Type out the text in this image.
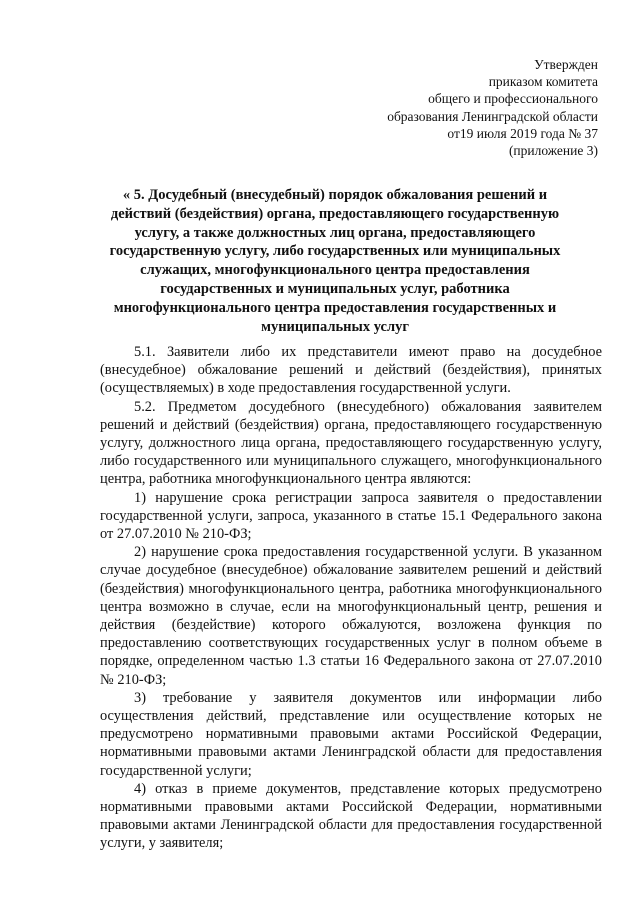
Утвержден
приказом комитета
общего и профессионального
образования Ленинградской области
от19 июля 2019 года № 37
(приложение 3)
« 5. Досудебный (внесудебный) порядок обжалования решений и действий (бездействия) органа, предоставляющего государственную услугу, а также должностных лиц органа, предоставляющего государственную услугу, либо государственных или муниципальных служащих, многофункционального центра предоставления государственных и муниципальных услуг, работника многофункционального центра предоставления государственных и муниципальных услуг

5.1. Заявители либо их представители имеют право на досудебное (внесудебное) обжалование решений и действий (бездействия), принятых (осуществляемых) в ходе предоставления государственной услуги.

5.2. Предметом досудебного (внесудебного) обжалования заявителем решений и действий (бездействия) органа, предоставляющего государственную услугу, должностного лица органа, предоставляющего государственную услугу, либо государственного или муниципального служащего, многофункционального центра, работника многофункционального центра являются:

1) нарушение срока регистрации запроса заявителя о предоставлении государственной услуги, запроса, указанного в статье 15.1 Федерального закона от 27.07.2010 № 210-ФЗ;

2) нарушение срока предоставления государственной услуги. В указанном случае досудебное (внесудебное) обжалование заявителем решений и действий (бездействия) многофункционального центра, работника многофункционального центра возможно в случае, если на многофункциональный центр, решения и действия (бездействие) которого обжалуются, возложена функция по предоставлению соответствующих государственных услуг в полном объеме в порядке, определенном частью 1.3 статьи 16 Федерального закона от 27.07.2010 № 210-ФЗ;

3) требование у заявителя документов или информации либо осуществления действий, представление или осуществление которых не предусмотрено нормативными правовыми актами Российской Федерации, нормативными правовыми актами Ленинградской области для предоставления государственной услуги;

4) отказ в приеме документов, представление которых предусмотрено нормативными правовыми актами Российской Федерации, нормативными правовыми актами Ленинградской области для предоставления государственной услуги, у заявителя;
